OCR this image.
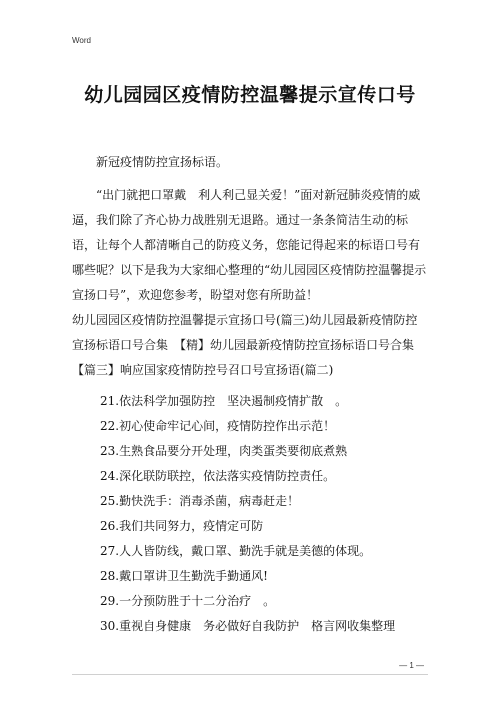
Word
幼儿园园区疫情防控温馨提示宣传口号

新冠疫情防控宣扬标语。

“出门就把口罩戴　利人利己显关爱！”面对新冠肺炎疫情的威逼，我们除了齐心协力战胜别无退路。通过一条条简洁生动的标语，让每个人都清晰自己的防疫义务，您能记得起来的标语口号有哪些呢？以下是我为大家细心整理的“幼儿园园区疫情防控温馨提示宣扬口号”，欢迎您参考，盼望对您有所助益！

幼儿园园区疫情防控温馨提示宣扬口号(篇三)幼儿园最新疫情防控宣扬标语口号合集　【精】幼儿园最新疫情防控宣扬标语口号合集【篇三】响应国家疫情防控号召口号宣扬语(篇二)

21.依法科学加强防控　坚决遏制疫情扩散　。

22.初心使命牢记心间，疫情防控作出示范！

23.生熟食品要分开处理，肉类蛋类要彻底煮熟

24.深化联防联控，依法落实疫情防控责任。

25.勤快洗手：消毒杀菌，病毒赶走！

26.我们共同努力，疫情定可防

27.人人皆防线，戴口罩、勤洗手就是美德的体现。

28.戴口罩讲卫生勤洗手勤通风!

29.一分预防胜于十二分治疗　。

30.重视自身健康　务必做好自我防护　格言网收集整理

— 1 —
